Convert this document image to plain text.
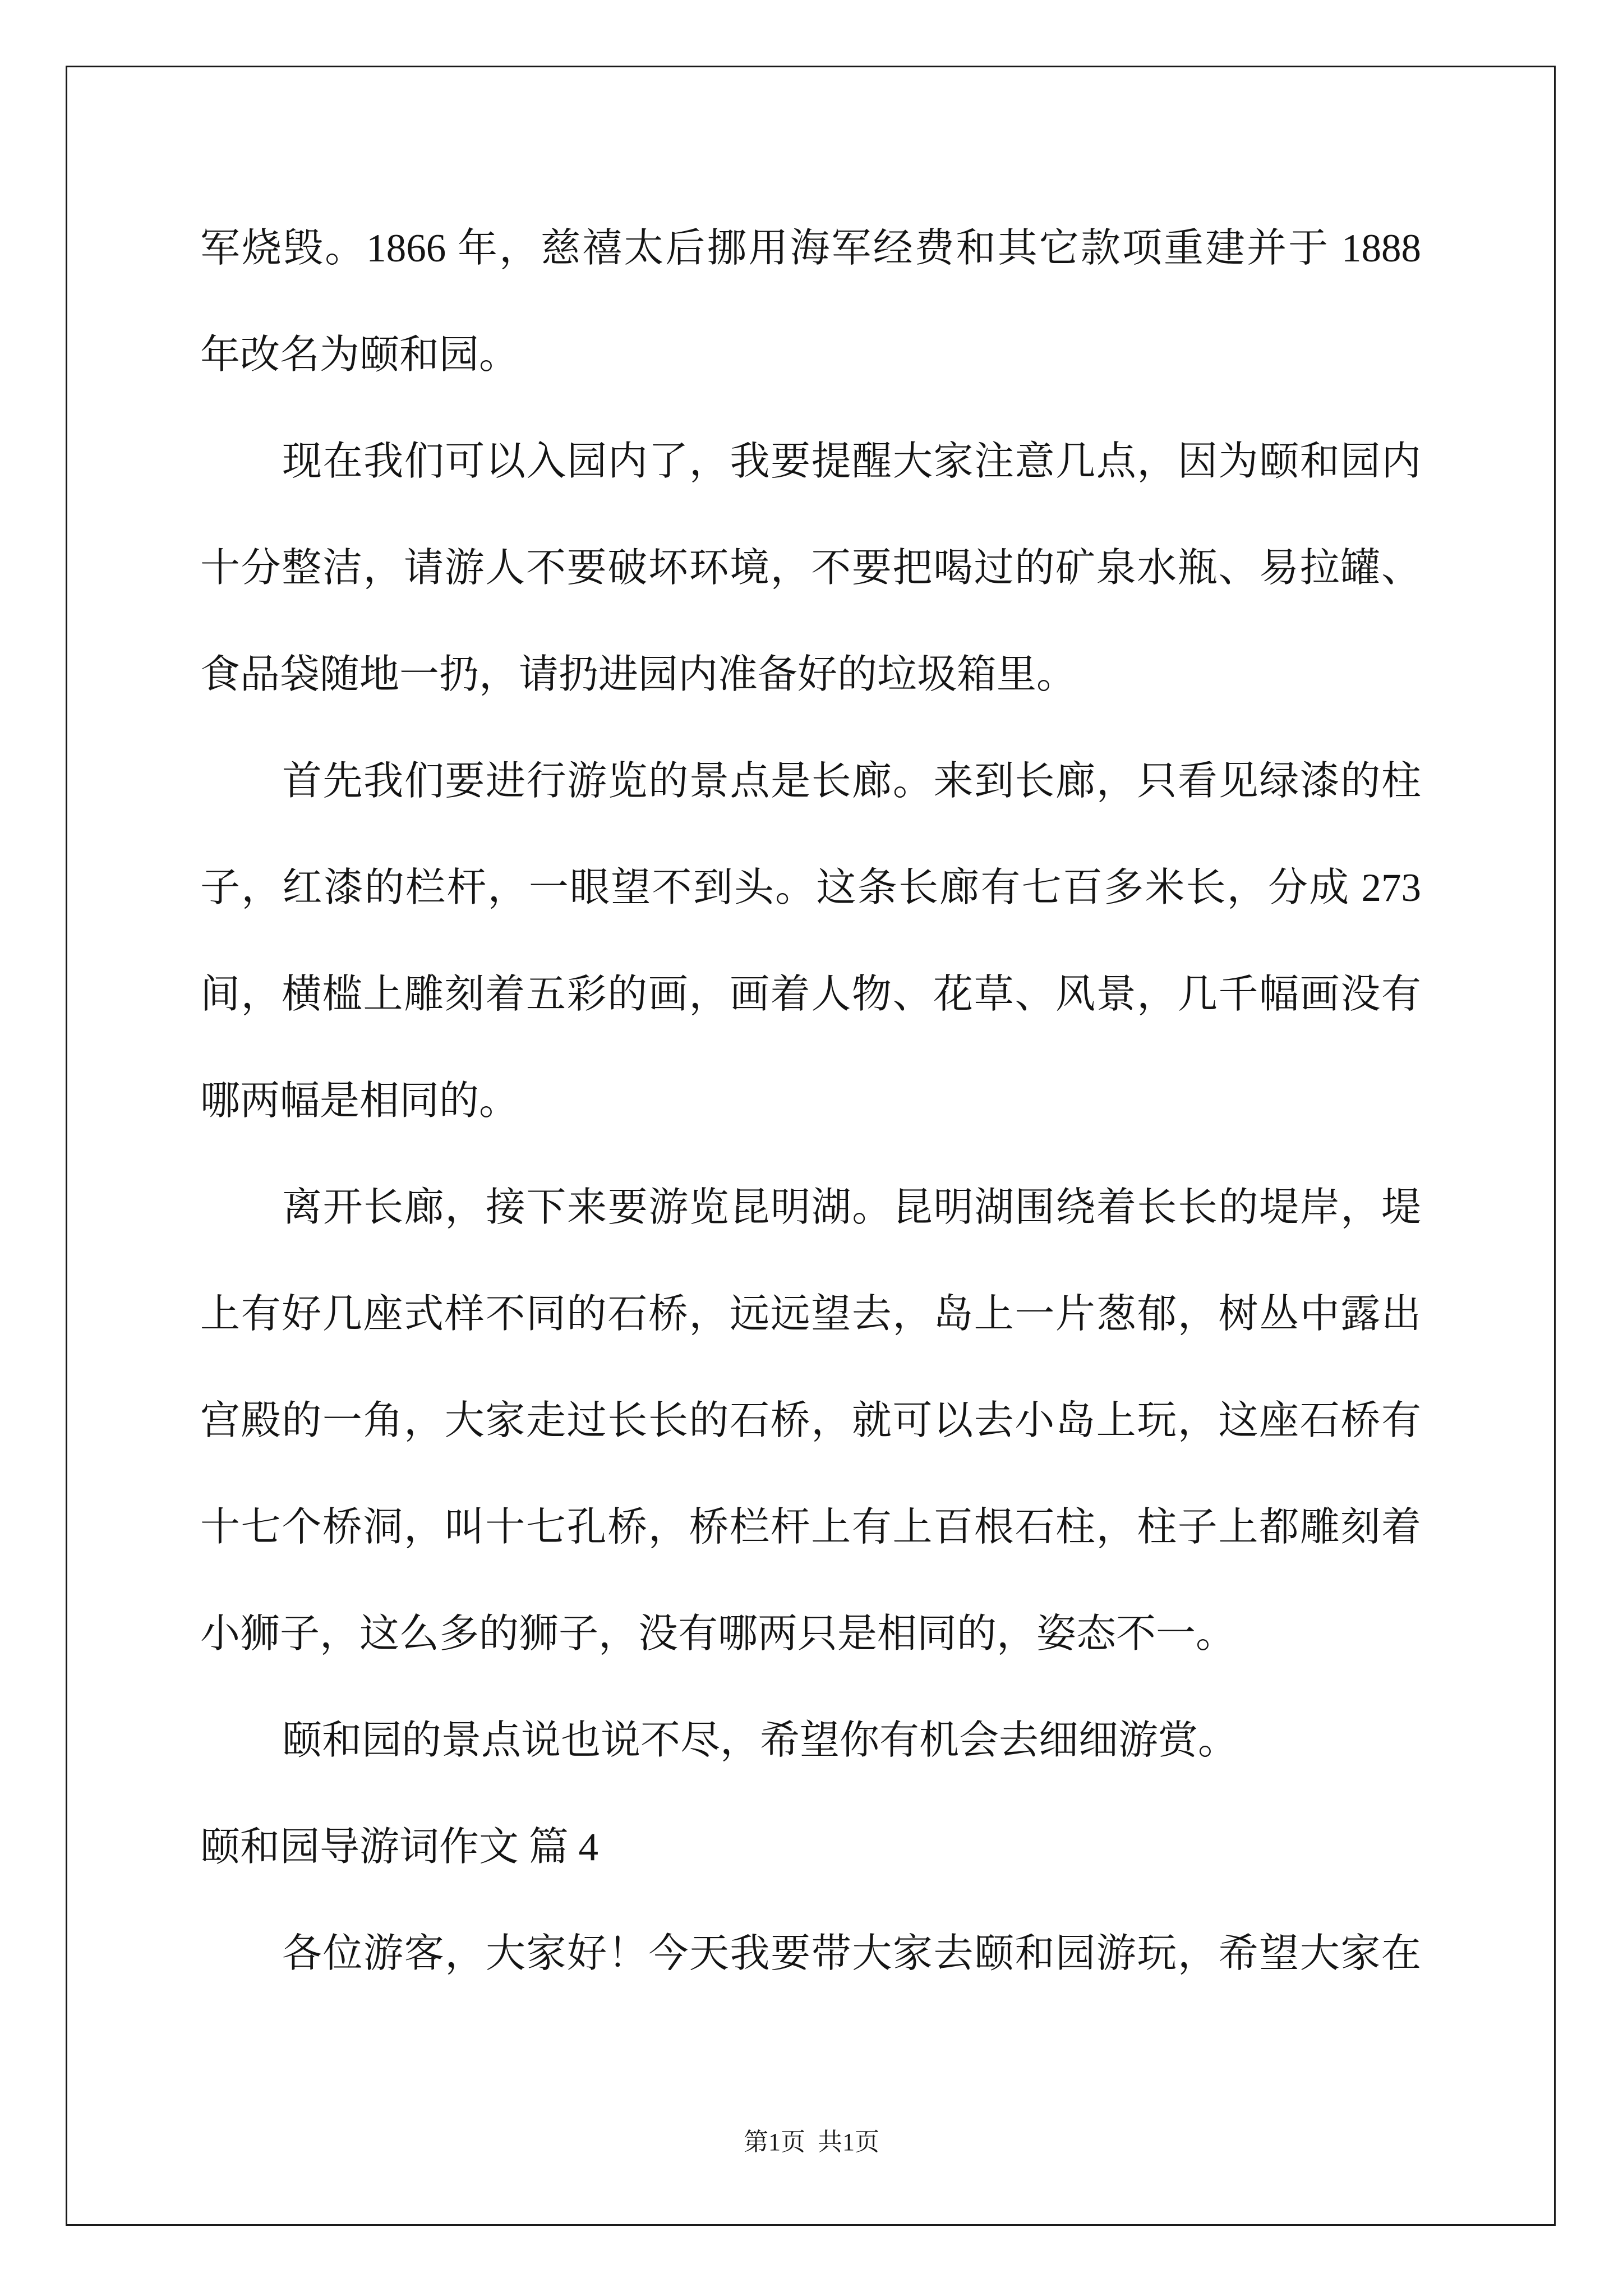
军烧毁。1866 年，慈禧太后挪用海军经费和其它款项重建并于 1888
年改名为颐和园。
现在我们可以入园内了，我要提醒大家注意几点，因为颐和园内
十分整洁，请游人不要破坏环境，不要把喝过的矿泉水瓶、易拉罐、
食品袋随地一扔，请扔进园内准备好的垃圾箱里。
首先我们要进行游览的景点是长廊。来到长廊，只看见绿漆的柱
子，红漆的栏杆，一眼望不到头。这条长廊有七百多米长，分成 273
间，横槛上雕刻着五彩的画，画着人物、花草、风景，几千幅画没有
哪两幅是相同的。
离开长廊，接下来要游览昆明湖。昆明湖围绕着长长的堤岸，堤
上有好几座式样不同的石桥，远远望去，岛上一片葱郁，树丛中露出
宫殿的一角，大家走过长长的石桥，就可以去小岛上玩，这座石桥有
十七个桥洞，叫十七孔桥，桥栏杆上有上百根石柱，柱子上都雕刻着
小狮子，这么多的狮子，没有哪两只是相同的，姿态不一。
颐和园的景点说也说不尽，希望你有机会去细细游赏。
颐和园导游词作文 篇 4
各位游客，大家好！今天我要带大家去颐和园游玩，希望大家在
第1页  共1页
